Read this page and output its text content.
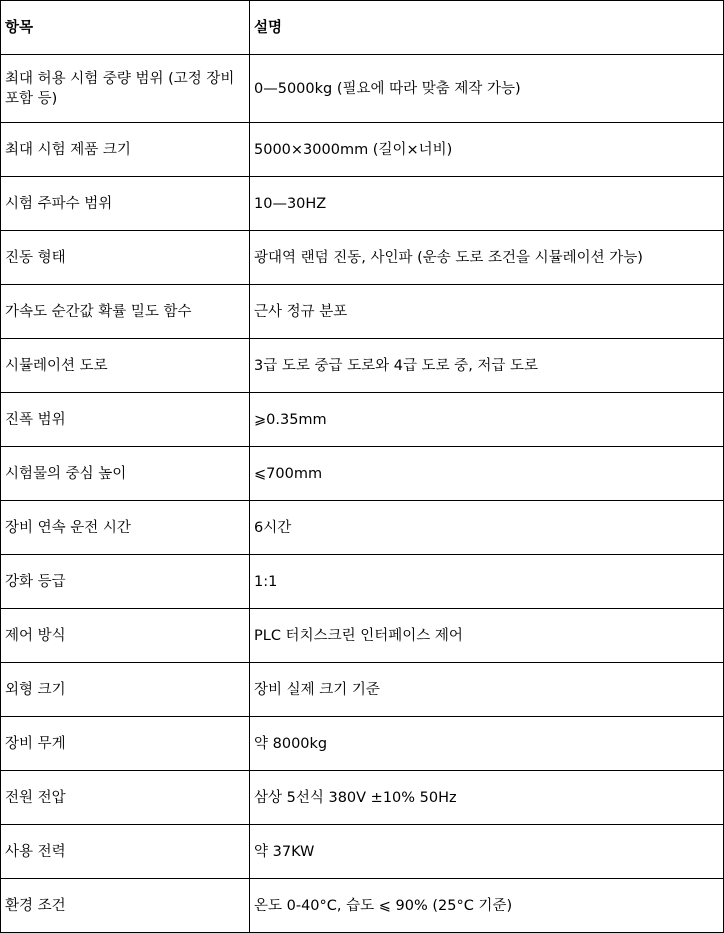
항목	설명
최대 허용 시험 중량 범위 (고정 장비 포함 등)	0—5000kg (필요에 따라 맞춤 제작 가능)
최대 시험 제품 크기	5000×3000mm (길이×너비)
시험 주파수 범위	10—30HZ
진동 형태	광대역 랜덤 진동, 사인파 (운송 도로 조건을 시뮬레이션 가능)
가속도 순간값 확률 밀도 함수	근사 정규 분포
시뮬레이션 도로	3급 도로 중급 도로와 4급 도로 중, 저급 도로
진폭 범위	⩾0.35mm
시험물의 중심 높이	⩽700mm
장비 연속 운전 시간	6시간
강화 등급	1:1
제어 방식	PLC 터치스크린 인터페이스 제어
외형 크기	장비 실제 크기 기준
장비 무게	약 8000kg
전원 전압	삼상 5선식 380V ±10% 50Hz
사용 전력	약 37KW
환경 조건	온도 0-40°C, 습도 ⩽ 90% (25°C 기준)
